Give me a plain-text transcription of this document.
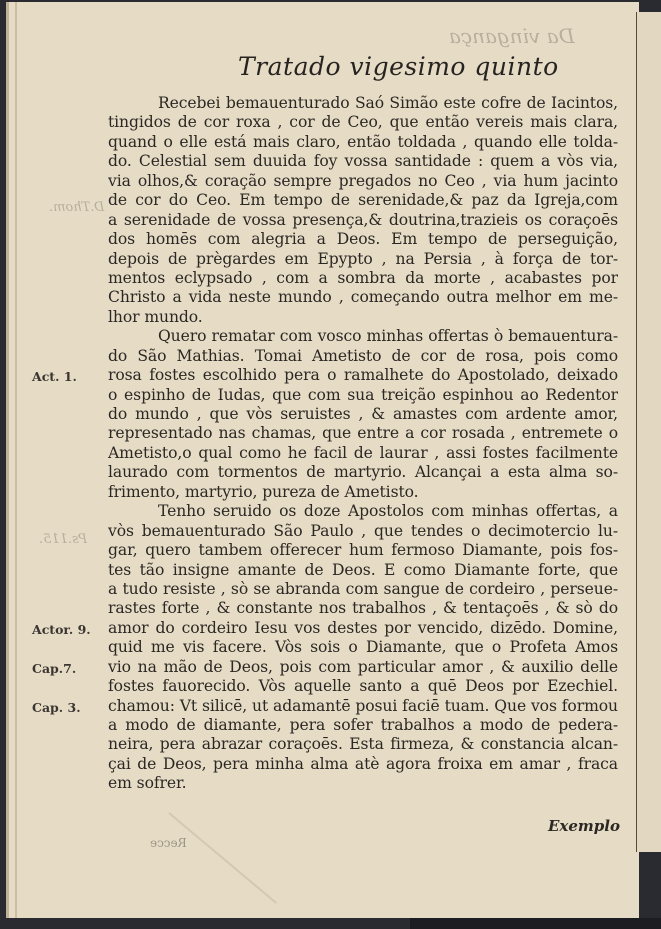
Da vingança
D.Thom.
Ps.115.
Tratado vigesimo quinto
Recebei bemauenturado Saó Simão este cofre de Iacintos,
tingidos de cor roxa , cor de Ceo, que então vereis mais clara,
quand o elle está mais claro, então toldada , quando elle tolda-
do. Celestial sem duuida foy vossa santidade : quem a vòs via,
via olhos,& coração sempre pregados no Ceo , via hum jacinto
de cor do Ceo. Em tempo de serenidade,& paz da Igreja,com
a serenidade de vossa presença,& doutrina,trazieis os coraçoēs
dos homēs com alegria a Deos. Em tempo de perseguição,
depois de prègardes em Epypto , na Persia , à força de tor-
mentos eclypsado , com a sombra da morte , acabastes por
Christo a vida neste mundo , começando outra melhor em me-
lhor mundo.
Quero rematar com vosco minhas offertas ò bemauentura-
do São Mathias. Tomai Ametisto de cor de rosa, pois como
rosa fostes escolhido pera o ramalhete do Apostolado, deixado
o espinho de Iudas, que com sua treição espinhou ao Redentor
do mundo , que vòs seruistes , & amastes com ardente amor,
representado nas chamas, que entre a cor rosada , entremete o
Ametisto,o qual como he facil de laurar , assi fostes facilmente
laurado com tormentos de martyrio. Alcançai a esta alma so-
frimento, martyrio, pureza de Ametisto.
Tenho seruido os doze Apostolos com minhas offertas, a
vòs bemauenturado São Paulo , que tendes o decimotercio lu-
gar, quero tambem offerecer hum fermoso Diamante, pois fos-
tes tão insigne amante de Deos. E como Diamante forte, que
a tudo resiste , sò se abranda com sangue de cordeiro , perseue-
rastes forte , & constante nos trabalhos , & tentaçoēs , & sò do
amor do cordeiro Iesu vos destes por vencido, dizēdo. Domine,
quid me vis facere. Vòs sois o Diamante, que o Profeta Amos
vio na mão de Deos, pois com particular amor , & auxilio delle
fostes fauorecido. Vòs aquelle santo a quē Deos por Ezechiel.
chamou: Vt silicē, ut adamantē posui faciē tuam. Que vos formou
a modo de diamante, pera sofer trabalhos a modo de pedera-
neira, pera abrazar coraçoēs. Esta firmeza, & constancia alcan-
çai de Deos, pera minha alma atè agora froixa em amar , fraca
em sofrer.
Act. 1.
Actor. 9.
Cap.7.
Cap. 3.
Recce
Exemplo
